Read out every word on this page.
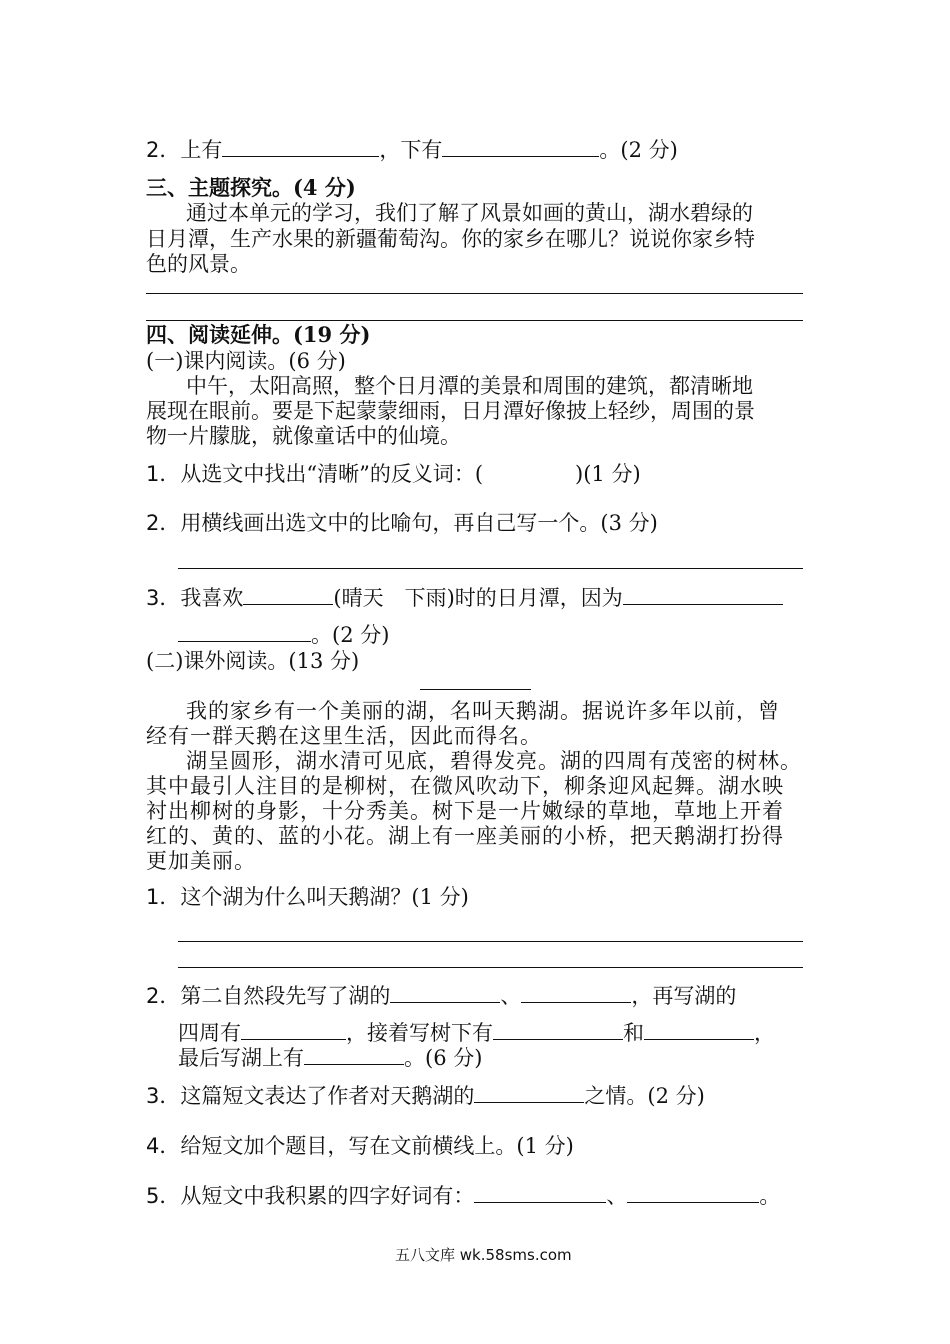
2．上有	，下有	。(2 分)
三、主题探究。(4 分)
通过本单元的学习，我们了解了风景如画的黄山，湖水碧绿的
日月潭，生产水果的新疆葡萄沟。你的家乡在哪儿？说说你家乡特
色的风景。
四、阅读延伸。(19 分)
(一)课内阅读。(6 分)
中午，太阳高照，整个日月潭的美景和周围的建筑，都清晰地
展现在眼前。要是下起蒙蒙细雨，日月潭好像披上轻纱，周围的景
物一片朦胧，就像童话中的仙境。
1．从选文中找出“清晰”的反义词：(	)(1 分)
2．用横线画出选文中的比喻句，再自己写一个。(3 分)
3．我喜欢	(晴天　下雨)时的日月潭，因为
。(2 分)
(二)课外阅读。(13 分)
我的家乡有一个美丽的湖，名叫天鹅湖。据说许多年以前，曾
经有一群天鹅在这里生活，因此而得名。
湖呈圆形，湖水清可见底，碧得发亮。湖的四周有茂密的树林。
其中最引人注目的是柳树，在微风吹动下，柳条迎风起舞。湖水映
衬出柳树的身影，十分秀美。树下是一片嫩绿的草地，草地上开着
红的、黄的、蓝的小花。湖上有一座美丽的小桥，把天鹅湖打扮得
更加美丽。
1．这个湖为什么叫天鹅湖？(1 分)
2．第二自然段先写了湖的	、	，再写湖的
四周有	，接着写树下有	和	，
最后写湖上有	。(6 分)
3．这篇短文表达了作者对天鹅湖的	之情。(2 分)
4．给短文加个题目，写在文前横线上。(1 分)
5．从短文中我积累的四字好词有：	、	。
五八文库 wk.58sms.com
